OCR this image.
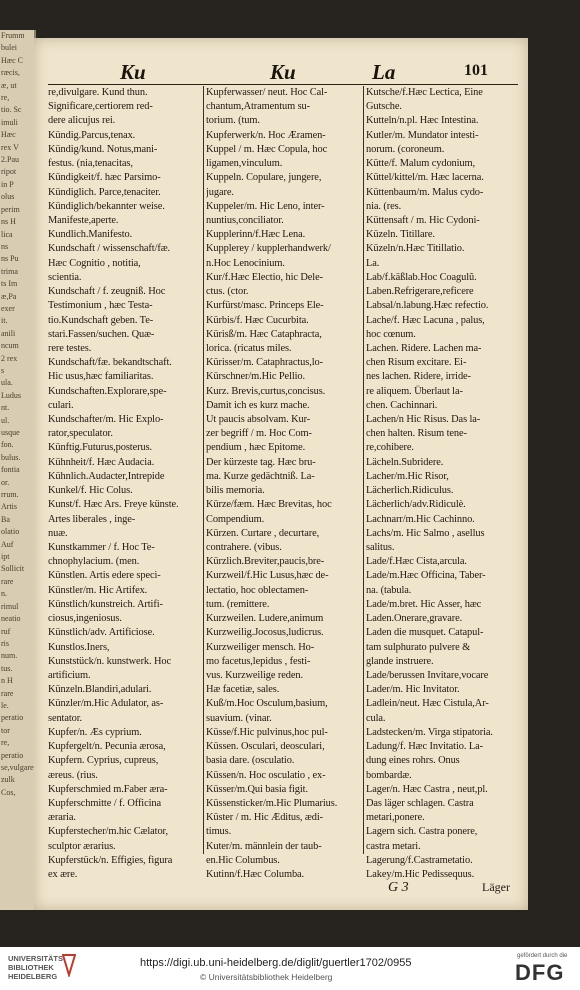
Frumm
bulei
Hæc C
ræcis,
æ, ut
re,
tio. Sc
imuli
Hæc
rex V
2.Pau
ripot
in P
olus
perim
ns H
lica
ns
ns Pu
trima
ts Im
æ,Pa
exer
it.
anili
ncum
2 rex
s
ula.
Ludus
nt.
ul.
usque
fon.
bulus.
fontia
or.
rrum.
Artis
Ba
olatio
Auf
ipt
Sollicit
rare
n.
rimul
neatio
ruf
ris
num.
tus.
n H
rare
le.
peratio
tor
re,
peratio
se,vulgare
zulk
Cos,
Ku	Ku	La	101
re,divulgare. Kund thun.
Significare,certiorem red-
dere alicujus rei.
Kündig.Parcus,tenax.
Kündig/kund. Notus,mani-
festus. (nia,tenacitas,
Kündigkeit/f. hæc Parsimo-
Kündiglich. Parce,tenaciter.
Kündiglich/bekannter weise.
Manifeste,aperte.
Kundlich.Manifesto.
Kundschaft / wissenschaft/fæ.
Hæc Cognitio , notitia,
scientia.
Kundschaft / f. zeugniß. Hoc
Testimonium , hæc Testa-
tio.Kundschaft geben. Te-
stari.Fassen/suchen. Quæ-
rere testes.
Kundschaft/fæ. bekandtschaft.
Hic usus,hæc familiaritas.
Kundschaften.Explorare,spe-
culari.
Kundschafter/m. Hic Explo-
rator,speculator.
Künftig.Futurus,posterus.
Kühnheit/f. Hæc Audacia.
Kühnlich.Audacter,Intrepide
Kunkel/f. Hic Colus.
Kunst/f. Hæc Ars. Freye künste.
Artes liberales , inge-
nuæ.
Kunstkammer / f. Hoc Te-
chnophylacium. (men.
Künstlen. Artis edere speci-
Künstler/m. Hic Artifex.
Künstlich/kunstreich. Artifi-
ciosus,ingeniosus.
Künstlich/adv. Artificiose.
Kunstlos.Iners,
Kunststück/n. kunstwerk. Hoc
artificium.
Künzeln.Blandiri,adulari.
Künzler/m.Hic Adulator, as-
sentator.
Kupfer/n. Æs cyprium.
Kupfergelt/n. Pecunia ærosa,
Kupfern. Cyprius, cupreus,
æreus. (rius.
Kupferschmied m.Faber æra-
Kupferschmitte / f. Officina
æraria.
Kupferstecher/m.hic Cælator,
sculptor ærarius.
Kupferstück/n. Effigies, figura
ex ære.
Kupferwasser/ neut. Hoc Cal-
chantum,Atramentum su-
torium. (tum.
Kupferwerk/n. Hoc Æramen-
Kuppel / m. Hæc Copula, hoc
ligamen,vinculum.
Kuppeln. Copulare, jungere,
jugare.
Kuppeler/m. Hic Leno, inter-
nuntius,conciliator.
Kupplerinn/f.Hæc Lena.
Kupplerey / kupplerhandwerk/
n.Hoc Lenocinium.
Kur/f.Hæc Electio, hic Dele-
ctus. (ctor.
Kurfürst/masc. Princeps Ele-
Kürbis/f. Hæc Cucurbita.
Kürisß/m. Hæc Cataphracta,
lorica. (ricatus miles.
Kürisser/m. Cataphractus,lo-
Kürschner/m.Hic Pellio.
Kurz. Brevis,curtus,concisus.
Damit ich es kurz mache.
Ut paucis absolvam. Kur-
zer begriff / m. Hoc Com-
pendium , hæc Epitome.
Der kürzeste tag. Hæc bru-
ma. Kurze gedächtniß. La-
bilis memoria.
Kürze/fæm. Hæc Brevitas, hoc
Compendium.
Kürzen. Curtare , decurtare,
contrahere. (vibus.
Kürzlich.Breviter,paucis,bre-
Kurzweil/f.Hic Lusus,hæc de-
lectatio, hoc oblectamen-
tum. (remittere.
Kurzweilen. Ludere,animum
Kurzweilig.Jocosus,ludicrus.
Kurzweiliger mensch. Ho-
mo facetus,lepidus , festi-
vus. Kurzweilige reden.
Hæ facetiæ, sales.
Kuß/m.Hoc Osculum,basium,
suavium. (vinar.
Küsse/f.Hic pulvinus,hoc pul-
Küssen. Osculari, deosculari,
basia dare. (osculatio.
Küssen/n. Hoc osculatio , ex-
Küsser/m.Qui basia figit.
Küssensticker/m.Hic Plumarius.
Küster / m. Hic Æditus, ædi-
timus.
Kuter/m. männlein der taub-
en.Hic Columbus.
Kutinn/f.Hæc Columba.
Kutsche/f.Hæc Lectica, Eine
Gutsche.
Kutteln/n.pl. Hæc Intestina.
Kutler/m. Mundator intesti-
norum. (coroneum.
Kütte/f. Malum cydonium,
Küttel/kittel/m. Hæc lacerna.
Küttenbaum/m. Malus cydo-
nia. (res.
Küttensaft / m. Hic Cydoni-
Küzeln. Titillare.
Küzeln/n.Hæc Titillatio.
La.
Lab/f.käßlab.Hoc Coagulũ.
Laben.Refrigerare,reficere
Labsal/n.labung.Hæc refectio.
Lache/f. Hæc Lacuna , palus,
hoc cœnum.
Lachen. Ridere. Lachen ma-
chen Risum excitare. Ei-
nes lachen. Ridere, irride-
re aliquem. Überlaut la-
chen. Cachinnari.
Lachen/n Hic Risus. Das la-
chen halten. Risum tene-
re,cohibere.
Lächeln.Subridere.
Lacher/m.Hic Risor,
Lächerlich.Ridiculus.
Lächerlich/adv.Ridiculè.
Lachnarr/m.Hic Cachinno.
Lachs/m. Hic Salmo , asellus
salitus.
Lade/f.Hæc Cista,arcula.
Lade/m.Hæc Officina, Taber-
na. (tabula.
Lade/m.bret. Hic Asser, hæc
Laden.Onerare,gravare.
Laden die musquet. Catapul-
tam sulphurato pulvere &
glande instruere.
Lade/berussen Invitare,vocare
Lader/m. Hic Invitator.
Ladlein/neut. Hæc Cistula,Ar-
cula.
Ladstecken/m. Virga stipatoria.
Ladung/f. Hæc Invitatio. La-
dung eines rohrs. Onus
bombardæ.
Lager/n. Hæc Castra , neut,pl.
Das läger schlagen. Castra
metari,ponere.
Lagern sich. Castra ponere,
castra metari.
Lagerung/f.Castrametatio.
Lakey/m.Hic Pedissequus.
G 3	Läger
UNIVERSITÄTS-
BIBLIOTHEK
HEIDELBERG
https://digi.ub.uni-heidelberg.de/diglit/guertler1702/0955
© Universitätsbibliothek Heidelberg
gefördert durch die
DFG
